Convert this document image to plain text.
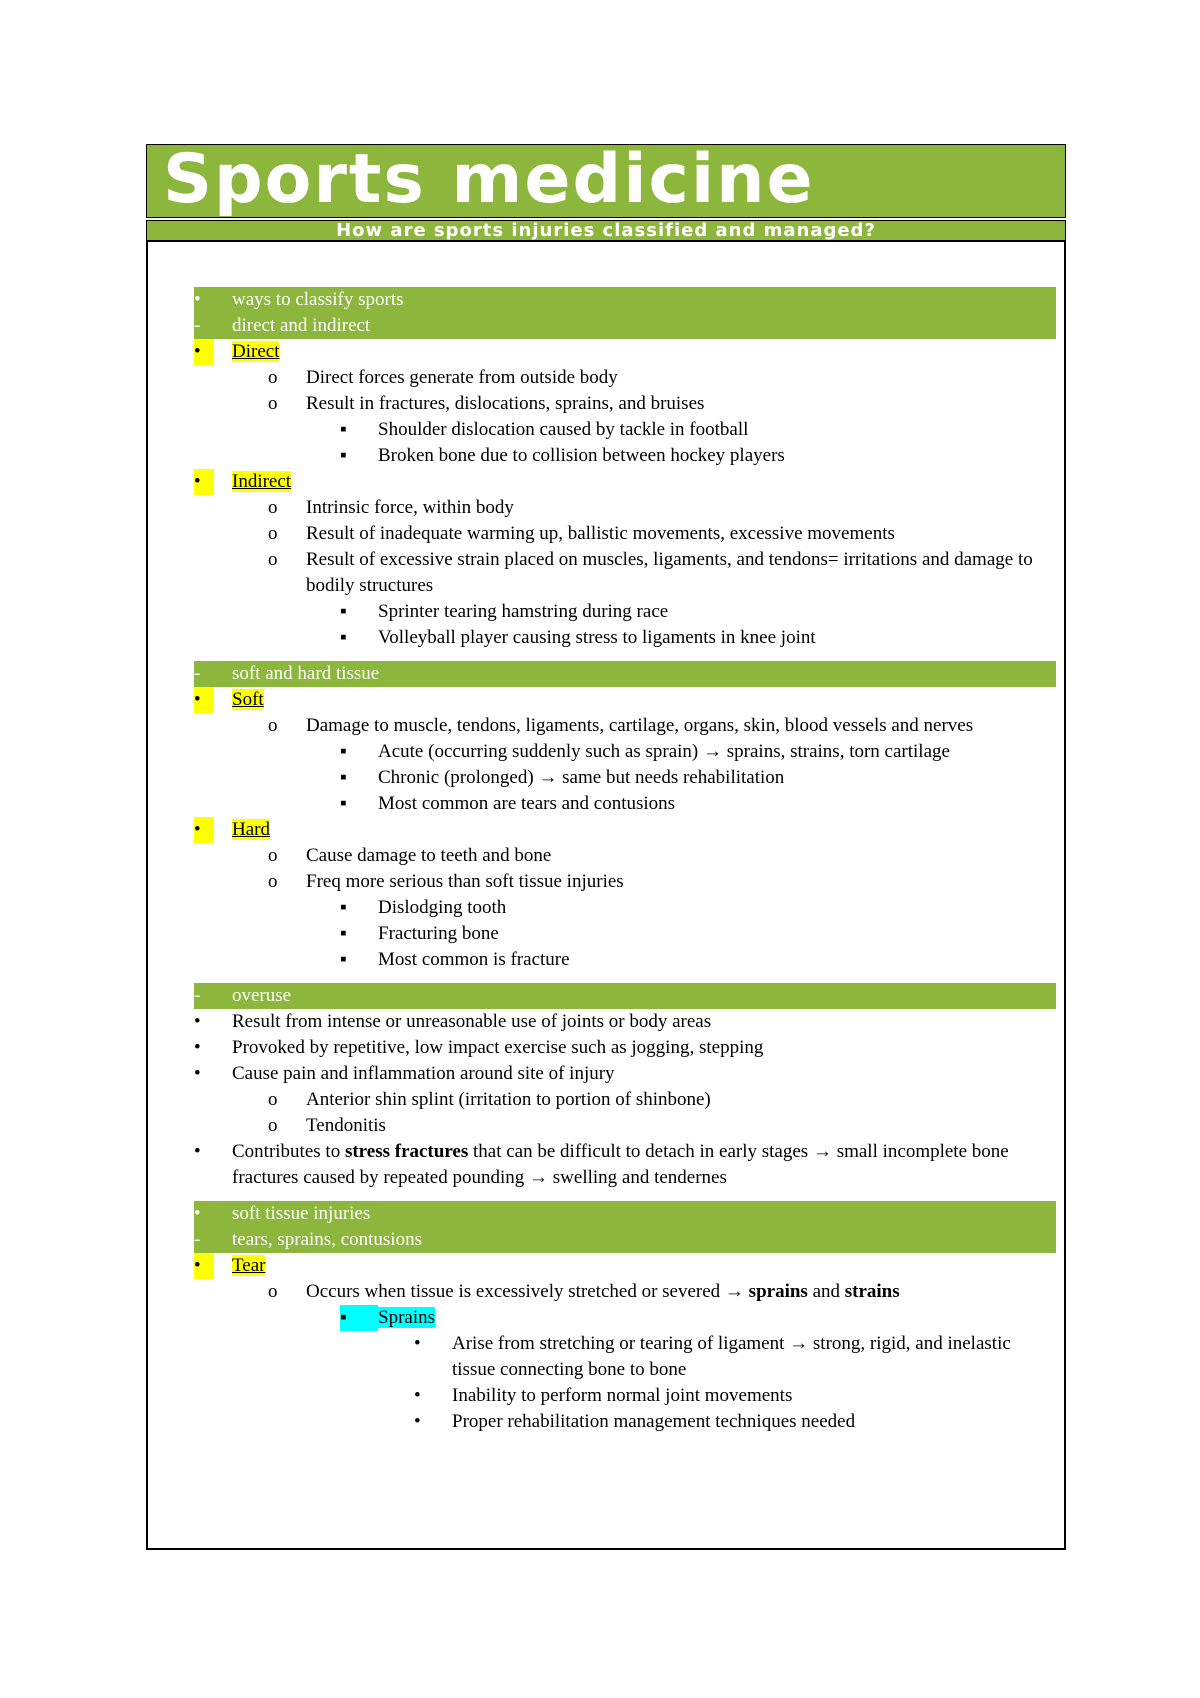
Sports medicine
How are sports injuries classified and managed?
•	ways to classify sports
-	direct and indirect
•	Direct
o	Direct forces generate from outside body
o	Result in fractures, dislocations, sprains, and bruises
▪	Shoulder dislocation caused by tackle in football
▪	Broken bone due to collision between hockey players
•	Indirect
o	Intrinsic force, within body
o	Result of inadequate warming up, ballistic movements, excessive movements
o	Result of excessive strain placed on muscles, ligaments, and tendons= irritations and damage to bodily structures
▪	Sprinter tearing hamstring during race
▪	Volleyball player causing stress to ligaments in knee joint
-	soft and hard tissue
•	Soft
o	Damage to muscle, tendons, ligaments, cartilage, organs, skin, blood vessels and nerves
▪	Acute (occurring suddenly such as sprain) → sprains, strains, torn cartilage
▪	Chronic (prolonged) → same but needs rehabilitation
▪	Most common are tears and contusions
•	Hard
o	Cause damage to teeth and bone
o	Freq more serious than soft tissue injuries
▪	Dislodging tooth
▪	Fracturing bone
▪	Most common is fracture
-	overuse
•	Result from intense or unreasonable use of joints or body areas
•	Provoked by repetitive, low impact exercise such as jogging, stepping
•	Cause pain and inflammation around site of injury
o	Anterior shin splint (irritation to portion of shinbone)
o	Tendonitis
•	Contributes to stress fractures that can be difficult to detach in early stages → small incomplete bone fractures caused by repeated pounding → swelling and tendernes
•	soft tissue injuries
-	tears, sprains, contusions
•	Tear
o	Occurs when tissue is excessively stretched or severed → sprains and strains
▪	Sprains
•	Arise from stretching or tearing of ligament → strong, rigid, and inelastic tissue connecting bone to bone
•	Inability to perform normal joint movements
•	Proper rehabilitation management techniques needed
